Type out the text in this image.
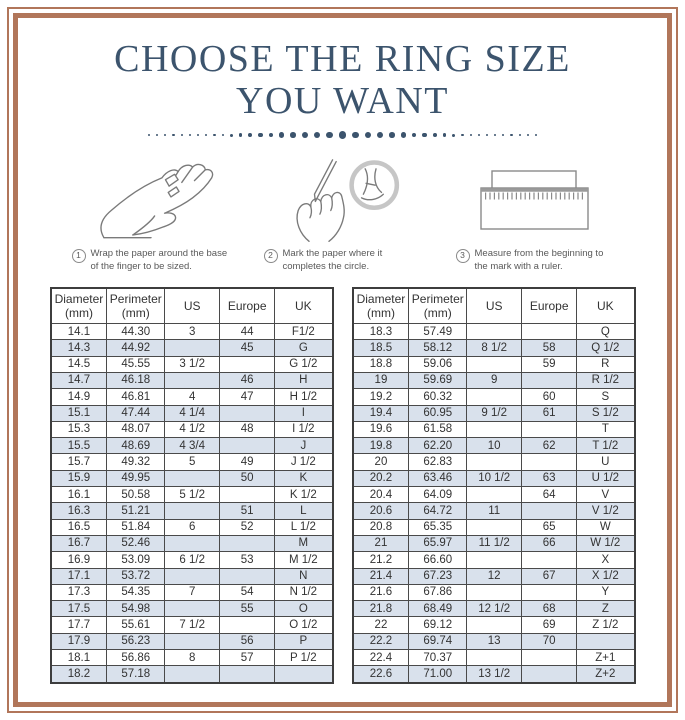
CHOOSE THE RING SIZE
YOU WANT
1	Wrap the paper around the base of the finger to be sized.
2	Mark the paper where it completes the circle.
3	Measure from the beginning to the mark with a ruler.
Diameter
(mm)

Perimeter
(mm)	US	Europe	UK

14.1	44.30	3	44	F1/2
14.3	44.92		45	G
14.5	45.55	3 1/2		G 1/2
14.7	46.18		46	H
14.9	46.81	4	47	H 1/2
15.1	47.44	4 1/4		I
15.3	48.07	4 1/2	48	I 1/2
15.5	48.69	4 3/4		J
15.7	49.32	5	49	J 1/2
15.9	49.95		50	K
16.1	50.58	5 1/2		K 1/2
16.3	51.21		51	L
16.5	51.84	6	52	L 1/2
16.7	52.46			M
16.9	53.09	6 1/2	53	M 1/2
17.1	53.72			N
17.3	54.35	7	54	N 1/2
17.5	54.98		55	O
17.7	55.61	7 1/2		O 1/2
17.9	56.23		56	P
18.1	56.86	8	57	P 1/2
18.2	57.18			
Diameter
(mm)

Perimeter
(mm)	US	Europe	UK

18.3	57.49			Q
18.5	58.12	8 1/2	58	Q 1/2
18.8	59.06		59	R
19	59.69	9		R 1/2
19.2	60.32		60	S
19.4	60.95	9 1/2	61	S 1/2
19.6	61.58			T
19.8	62.20	10	62	T 1/2
20	62.83			U
20.2	63.46	10 1/2	63	U 1/2
20.4	64.09		64	V
20.6	64.72	11		V 1/2
20.8	65.35		65	W
21	65.97	11 1/2	66	W 1/2
21.2	66.60			X
21.4	67.23	12	67	X 1/2
21.6	67.86			Y
21.8	68.49	12 1/2	68	Z
22	69.12		69	Z 1/2
22.2	69.74	13	70	
22.4	70.37			Z+1
22.6	71.00	13 1/2		Z+2
